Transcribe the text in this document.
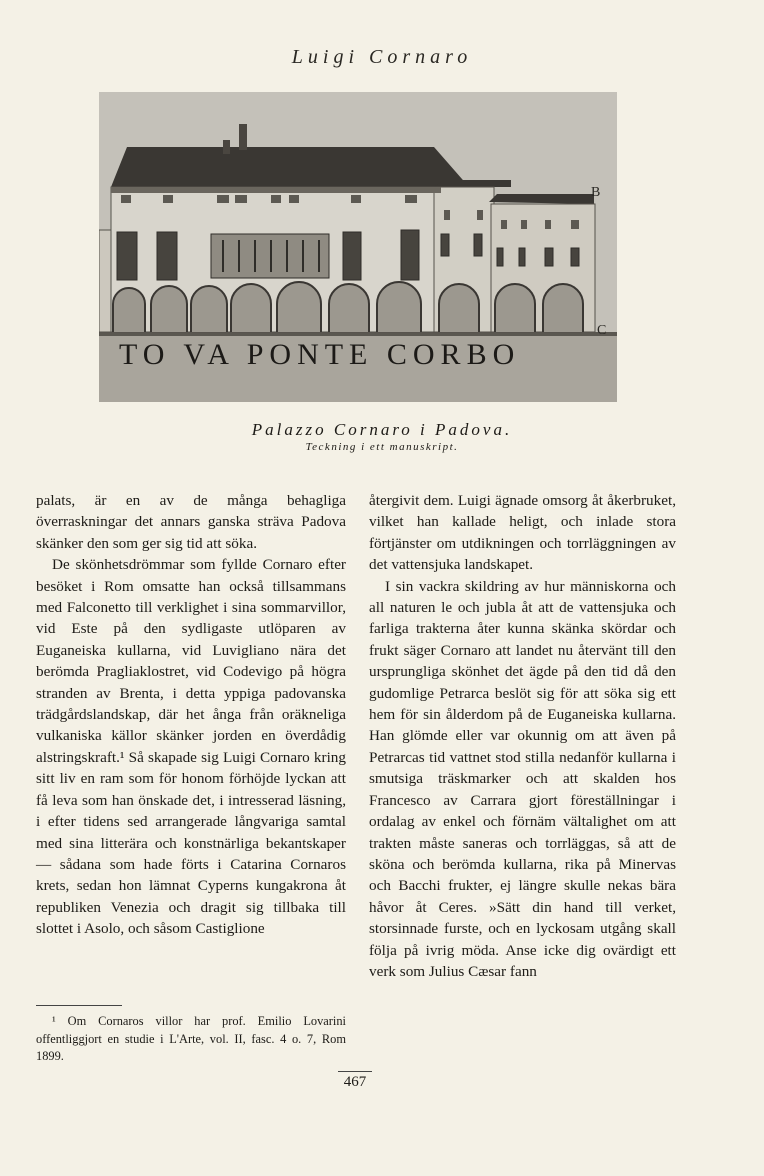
Luigi Cornaro
TO VA PONTE CORBO
B
C
Palazzo Cornaro i Padova.
Teckning i ett manuskript.

palats, är en av de många behagliga överraskningar det annars ganska sträva Padova skänker den som ger sig tid att söka.

De skönhetsdrömmar som fyllde Cornaro efter besöket i Rom omsatte han också tillsammans med Falconetto till verklighet i sina sommarvillor, vid Este på den sydligaste utlöparen av Euganeiska kullarna, vid Luvigliano nära det berömda Pragliaklostret, vid Codevigo på högra stranden av Brenta, i detta yppiga padovanska trädgårdslandskap, där het ånga från oräkneliga vulkaniska källor skänker jorden en överdådig alstringskraft.¹ Så skapade sig Luigi Cornaro kring sitt liv en ram som för honom förhöjde lyckan att få leva som han önskade det, i intresserad läsning, i efter tidens sed arrangerade långvariga samtal med sina litterära och konstnärliga bekantskaper — sådana som hade förts i Catarina Cornaros krets, sedan hon lämnat Cyperns kungakrona åt republiken Venezia och dragit sig tillbaka till slottet i Asolo, och såsom Castiglione

återgivit dem. Luigi ägnade omsorg åt åkerbruket, vilket han kallade heligt, och inlade stora förtjänster om utdikningen och torrläggningen av det vattensjuka landskapet.

I sin vackra skildring av hur människorna och all naturen le och jubla åt att de vattensjuka och farliga trakterna åter kunna skänka skördar och frukt säger Cornaro att landet nu återvänt till den ursprungliga skönhet det ägde på den tid då den gudomlige Petrarca beslöt sig för att söka sig ett hem för sin ålderdom på de Euganeiska kullarna. Han glömde eller var okunnig om att även på Petrarcas tid vattnet stod stilla nedanför kullarna i smutsiga träskmarker och att skalden hos Francesco av Carrara gjort föreställningar i ordalag av enkel och förnäm vältalighet om att trakten måste saneras och torrläggas, så att de sköna och berömda kullarna, rika på Minervas och Bacchi frukter, ej längre skulle nekas bära håvor åt Ceres. »Sätt din hand till verket, storsinnade furste, och en lyckosam utgång skall följa på ivrig möda. Anse icke dig ovärdigt ett verk som Julius Cæsar fann

¹ Om Cornaros villor har prof. Emilio Lovarini offentliggjort en studie i L'Arte, vol. II, fasc. 4 o. 7, Rom 1899.

467
